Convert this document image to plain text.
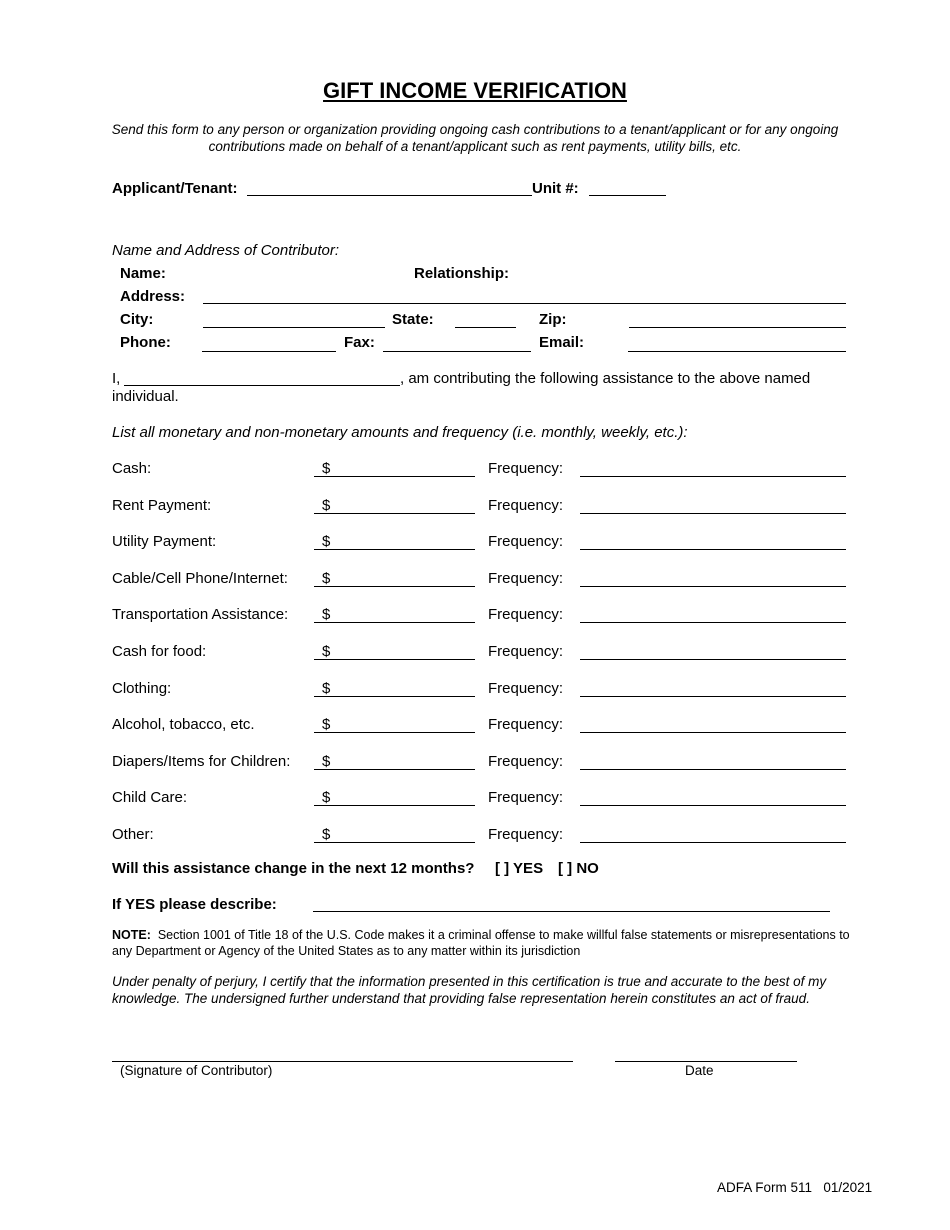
GIFT INCOME VERIFICATION
Send this form to any person or organization providing ongoing cash contributions to a tenant/applicant or for any ongoing contributions made on behalf of a tenant/applicant such as rent payments, utility bills, etc.
Applicant/Tenant:	Unit #:
Name and Address of Contributor:
Name:	Relationship:
Address:
City:	State:	Zip:
Phone:	Fax:	Email:
I,	, am contributing the following assistance to the above named
individual.
List all monetary and non-monetary amounts and frequency (i.e. monthly, weekly, etc.):
Cash:	$	Frequency:
Rent Payment:	$	Frequency:
Utility Payment:	$	Frequency:
Cable/Cell Phone/Internet: $	Frequency:
Transportation Assistance: $	Frequency:
Cash for food:	$	Frequency:
Clothing:	$	Frequency:
Alcohol, tobacco, etc.	$	Frequency:
Diapers/Items for Children: $	Frequency:
Child Care:	$	Frequency:
Other:	$	Frequency:
Will this assistance change in the next 12 months? [ ] YES [ ] NO
If YES please describe:
NOTE: Section 1001 of Title 18 of the U.S. Code makes it a criminal offense to make willful false statements or misrepresentations to any Department or Agency of the United States as to any matter within its jurisdiction
Under penalty of perjury, I certify that the information presented in this certification is true and accurate to the best of my knowledge. The undersigned further understand that providing false representation herein constitutes an act of fraud.
(Signature of Contributor)	Date
ADFA Form 511 01/2021
